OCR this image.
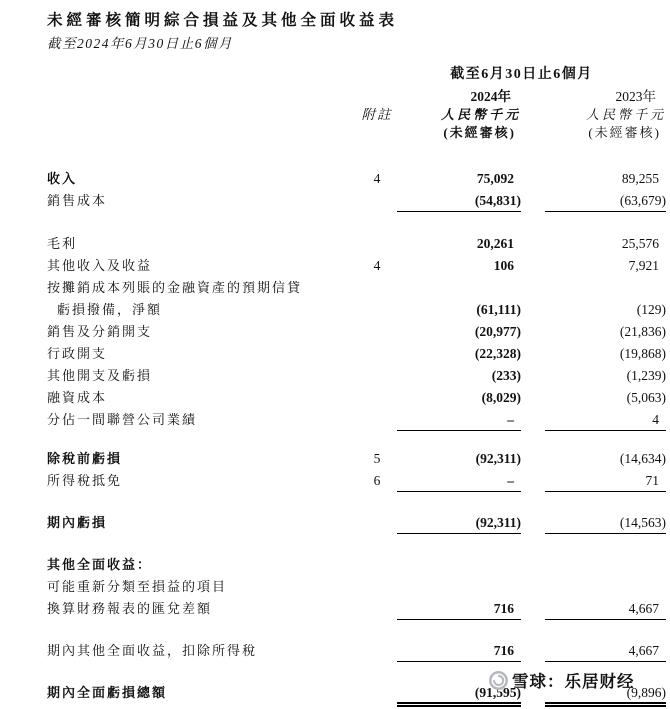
未經審核簡明綜合損益及其他全面收益表
截至2024年6月30日止6個月
截至6月30日止6個月
2024年	2023年
附註	人民幣千元	人民幣千元
(未經審核)	(未經審核)
收入	4	75,092	89,255
銷售成本	(54,831)	(63,679)
毛利	20,261	25,576
其他收入及收益	4	106	7,921
按攤銷成本列賬的金融資產的預期信貸
虧損撥備，淨額	(61,111)	(129)
銷售及分銷開支	(20,977)	(21,836)
行政開支	(22,328)	(19,868)
其他開支及虧損	(233)	(1,239)
融資成本	(8,029)	(5,063)
分佔一間聯營公司業績	–	4
除稅前虧損	5	(92,311)	(14,634)
所得稅抵免	6	–	71
期內虧損	(92,311)	(14,563)
其他全面收益：
可能重新分類至損益的項目
換算財務報表的匯兌差額	716	4,667
期內其他全面收益，扣除所得稅	716	4,667
期內全面虧損總額	(91,595)	(9,896)
雪球：乐居财经
